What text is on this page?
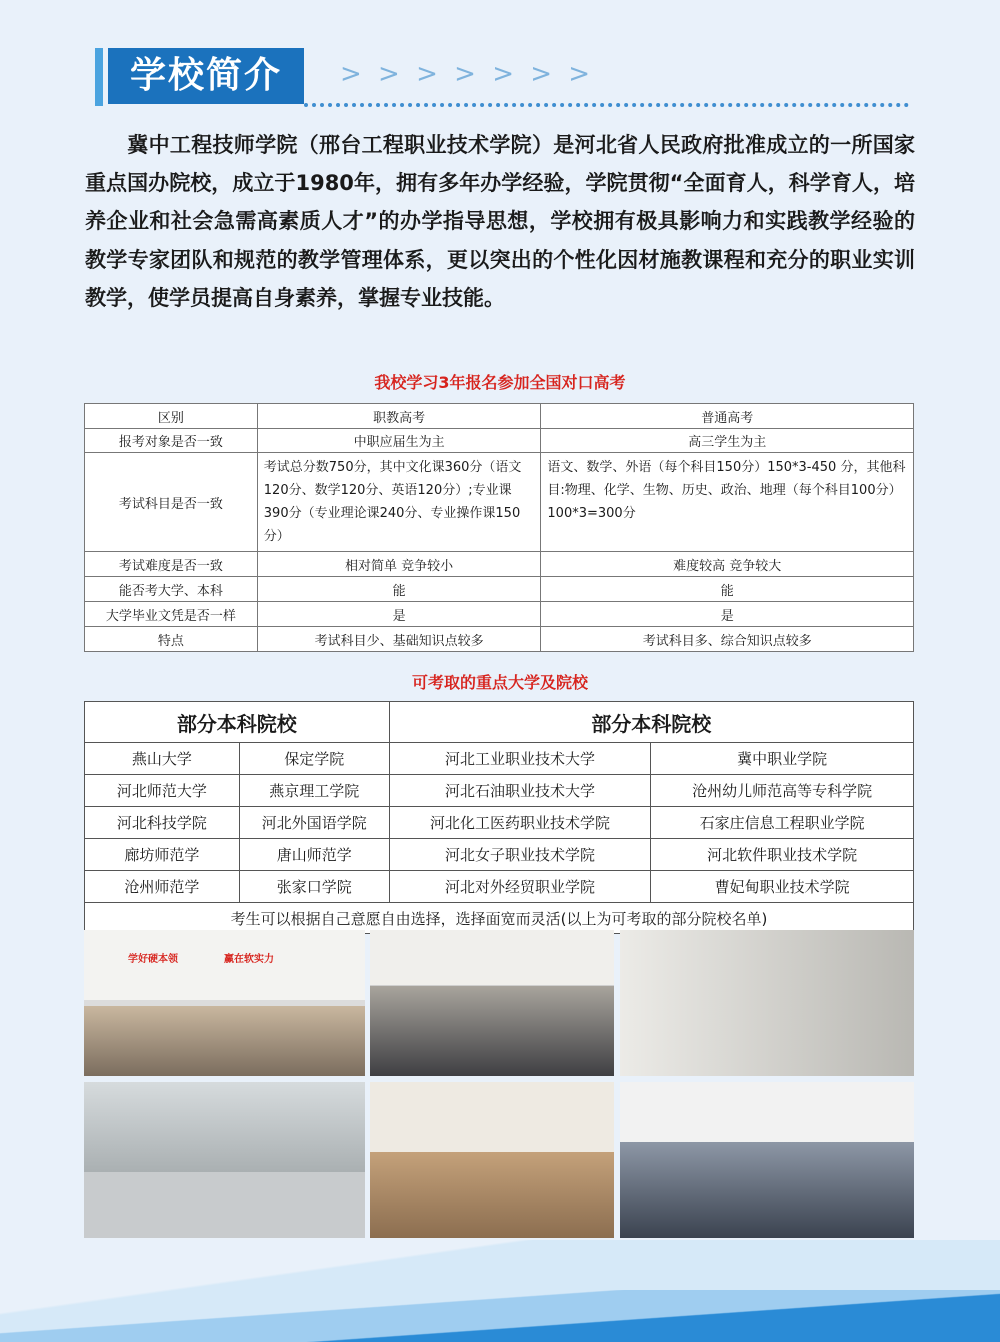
学校简介	> > > > > > >
冀中工程技师学院（邢台工程职业技术学院）是河北省人民政府批准成立的一所国家重点国办院校，成立于1980年，拥有多年办学经验，学院贯彻“全面育人，科学育人，培养企业和社会急需高素质人才”的办学指导思想，学校拥有极具影响力和实践教学经验的教学专家团队和规范的教学管理体系，更以突出的个性化因材施教课程和充分的职业实训教学，使学员提高自身素养，掌握专业技能。
我校学习3年报名参加全国对口高考
区别	职教高考	普通高考
报考对象是否一致	中职应届生为主	高三学生为主
考试科目是否一致	考试总分数750分，其中文化课360分（语文120分、数学120分、英语120分）;专业课390分（专业理论课240分、专业操作课150分）	语文、数学、外语（每个科目150分）150*3-450 分，其他科目:物理、化学、生物、历史、政治、地理（每个科目100分）100*3=300分
考试难度是否一致	相对简单 竞争较小	难度较高 竞争较大
能否考大学、本科	能	能
大学毕业文凭是否一样	是	是
特点	考试科目少、基础知识点较多	考试科目多、综合知识点较多
可考取的重点大学及院校
部分本科院校		部分本科院校	
燕山大学	保定学院	河北工业职业技术大学	冀中职业学院
河北师范大学	燕京理工学院	河北石油职业技术大学	沧州幼儿师范高等专科学院
河北科技学院	河北外国语学院	河北化工医药职业技术学院	石家庄信息工程职业学院
廊坊师范学	唐山师范学	河北女子职业技术学院	河北软件职业技术学院
沧州师范学	张家口学院	河北对外经贸职业学院	曹妃甸职业技术学院
考生可以根据自己意愿自由选择，选择面宽而灵活(以上为可考取的部分院校名单)			
学好硬本领	赢在软实力
